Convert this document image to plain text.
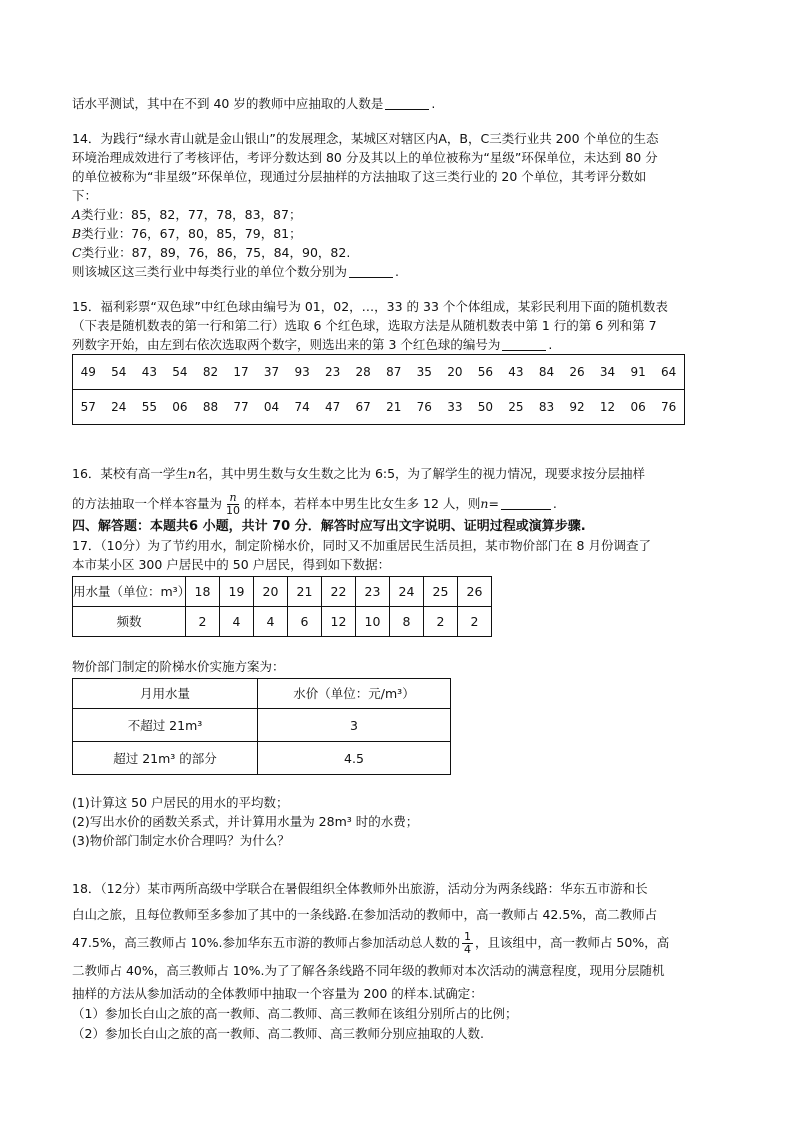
话水平测试，其中在不到 40 岁的教师中应抽取的人数是	.
14．为践行“绿水青山就是金山银山”的发展理念，某城区对辖区内A，B，C三类行业共 200 个单位的生态
环境治理成效进行了考核评估，考评分数达到 80 分及其以上的单位被称为“星级”环保单位，未达到 80 分
的单位被称为“非星级”环保单位，现通过分层抽样的方法抽取了这三类行业的 20 个单位，其考评分数如
下：
A类行业：85，82，77，78，83，87；
B类行业：76，67，80，85，79，81；
C类行业：87，89，76，86，75，84，90，82.
则该城区这三类行业中每类行业的单位个数分别为	.
15．福利彩票“双色球”中红色球由编号为 01，02，…，33 的 33 个个体组成，某彩民利用下面的随机数表
（下表是随机数表的第一行和第二行）选取 6 个红色球，选取方法是从随机数表中第 1 行的第 6 列和第 7
列数字开始，由左到右依次选取两个数字，则选出来的第 3 个红色球的编号为	.
49	54	43	54	82	17	37	93	23	28	87	35	20	56	43	84	26	34	91	64
57	24	55	06	88	77	04	74	47	67	21	76	33	50	25	83	92	12	06	76
16．某校有高一学生n名，其中男生数与女生数之比为 6:5，为了解学生的视力情况，现要求按分层抽样
的方法抽取一个样本容量为 $\frac{n}{10}$ 的样本，若样本中男生比女生多 12 人，则n=	.
四、解答题：本题共6 小题，共计 70 分．解答时应写出文字说明、证明过程或演算步骤.
17．（10分）为了节约用水，制定阶梯水价，同时又不加重居民生活员担，某市物价部门在 8 月份调查了
本市某小区 300 户居民中的 50 户居民，得到如下数据：
用水量（单位：m³）	18	19	20	21	22	23	24	25	26
频数	2	4	4	6	12	10	8	2	2
物价部门制定的阶梯水价实施方案为：
月用水量	水价（单位：元/m³）
不超过 21m³	3
超过 21m³ 的部分	4.5
(1)计算这 50 户居民的用水的平均数；
(2)写出水价的函数关系式，并计算用水量为 28m³ 时的水费；
(3)物价部门制定水价合理吗？为什么？
18．（12分）某市两所高级中学联合在暑假组织全体教师外出旅游，活动分为两条线路：华东五市游和长
白山之旅，且每位教师至多参加了其中的一条线路.在参加活动的教师中，高一教师占 42.5%，高二教师占
47.5%，高三教师占 10%.参加华东五市游的教师占参加活动总人数的 $\frac{1}{4}$ ，且该组中，高一教师占 50%，高
二教师占 40%，高三教师占 10%.为了了解各条线路不同年级的教师对本次活动的满意程度，现用分层随机
抽样的方法从参加活动的全体教师中抽取一个容量为 200 的样本.试确定：
（1）参加长白山之旅的高一教师、高二教师、高三教师在该组分别所占的比例；
（2）参加长白山之旅的高一教师、高二教师、高三教师分别应抽取的人数.
